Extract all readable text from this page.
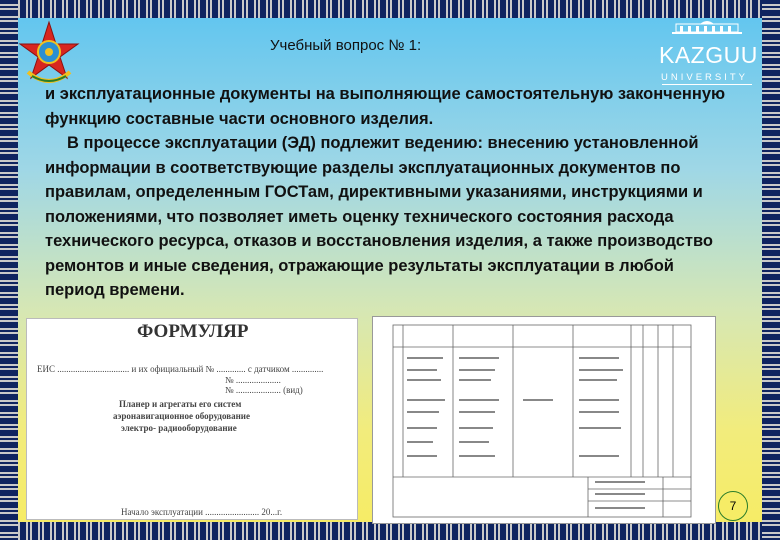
KAZGUU
UNIVERSITY
Учебный вопрос № 1:

и эксплуатационные документы на выполняющие самостоятельную законченную функцию составные части основного изделия.

В процессе эксплуатации (ЭД) подлежит ведению: внесению установленной информации в соответствующие разделы эксплуатационных документов по правилам, определенным ГОСТам, директивными указаниями, инструкциями и положениями, что позволяет иметь оценку технического состояния расхода технического ресурса, отказов и восстановления изделия, а также производство ремонтов и иные сведения, отражающие результаты эксплуатации в любой период времени.

ФОРМУЛЯР
ЕИС ................................ и их официальный № ............. с датчиком ..............
№ ....................
№ .................... (вид)
Планер и агрегаты его систем
аэронавигационное оборудование
электро- радиооборудование
Начало эксплуатации ........................ 20...г.	7
